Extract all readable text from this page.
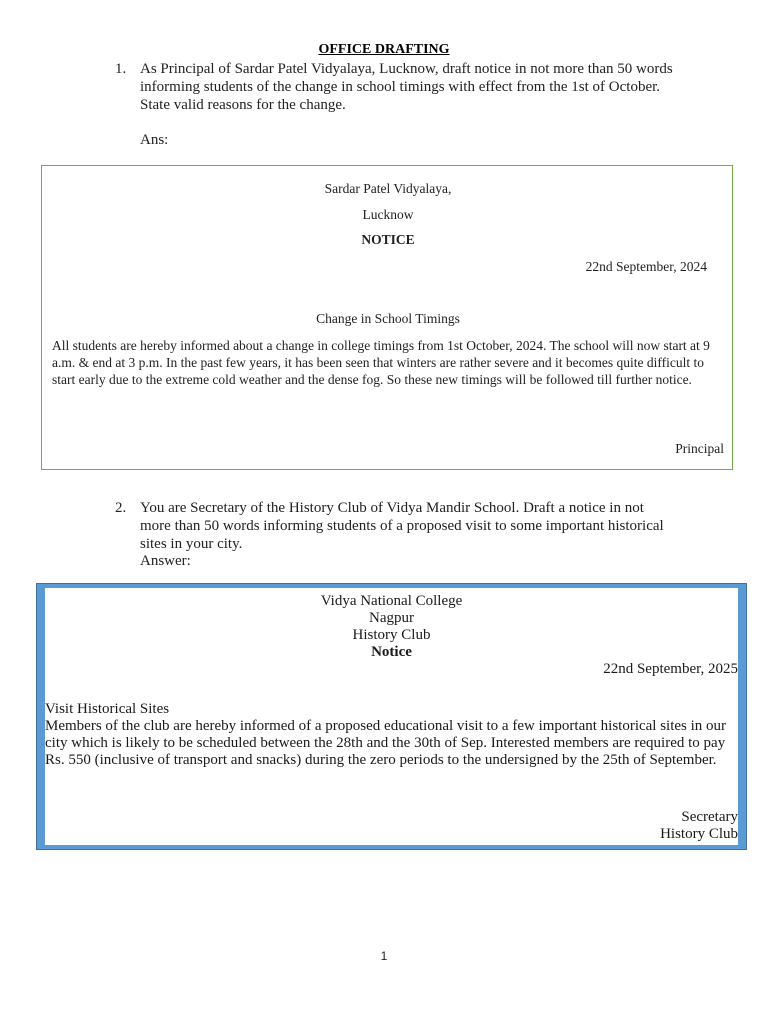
OFFICE DRAFTING
1. As Principal of Sardar Patel Vidyalaya, Lucknow, draft notice in not more than 50 words informing students of the change in school timings with effect from the 1st of October. State valid reasons for the change.
Ans:
Sardar Patel Vidyalaya,
Lucknow
NOTICE
22nd September, 2024
Change in School Timings
All students are hereby informed about a change in college timings from 1st October, 2024. The school will now start at 9 a.m. & end at 3 p.m. In the past few years, it has been seen that winters are rather severe and it becomes quite difficult to start early due to the extreme cold weather and the dense fog. So these new timings will be followed till further notice.
Principal
2. You are Secretary of the History Club of Vidya Mandir School. Draft a notice in not more than 50 words informing students of a proposed visit to some important historical sites in your city.
Answer:
Vidya National College
Nagpur
History Club
Notice
22nd September, 2025
Visit Historical Sites
Members of the club are hereby informed of a proposed educational visit to a few important historical sites in our city which is likely to be scheduled between the 28th and the 30th of Sep. Interested members are required to pay Rs. 550 (inclusive of transport and snacks) during the zero periods to the undersigned by the 25th of September.
Secretary
History Club
1
